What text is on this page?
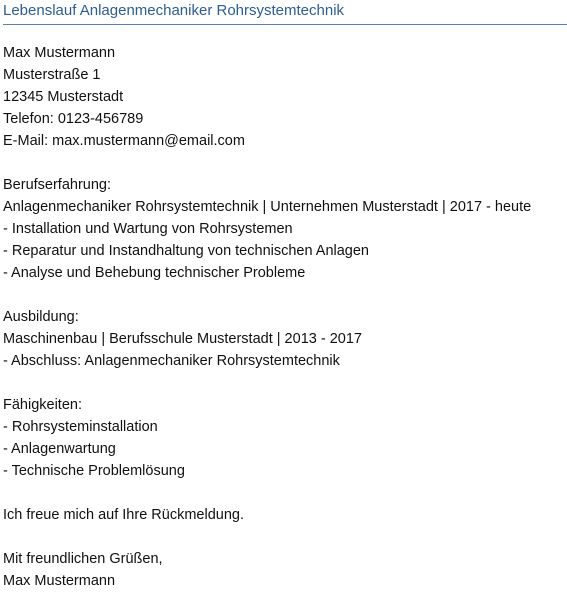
Lebenslauf Anlagenmechaniker Rohrsystemtechnik
Max Mustermann
Musterstraße 1
12345 Musterstadt
Telefon: 0123-456789
E-Mail: max.mustermann@email.com
Berufserfahrung:
Anlagenmechaniker Rohrsystemtechnik | Unternehmen Musterstadt | 2017 - heute
- Installation und Wartung von Rohrsystemen
- Reparatur und Instandhaltung von technischen Anlagen
- Analyse und Behebung technischer Probleme
Ausbildung:
Maschinenbau | Berufsschule Musterstadt | 2013 - 2017
- Abschluss: Anlagenmechaniker Rohrsystemtechnik
Fähigkeiten:
- Rohrsysteminstallation
- Anlagenwartung
- Technische Problemlösung
Ich freue mich auf Ihre Rückmeldung.
Mit freundlichen Grüßen,
Max Mustermann
